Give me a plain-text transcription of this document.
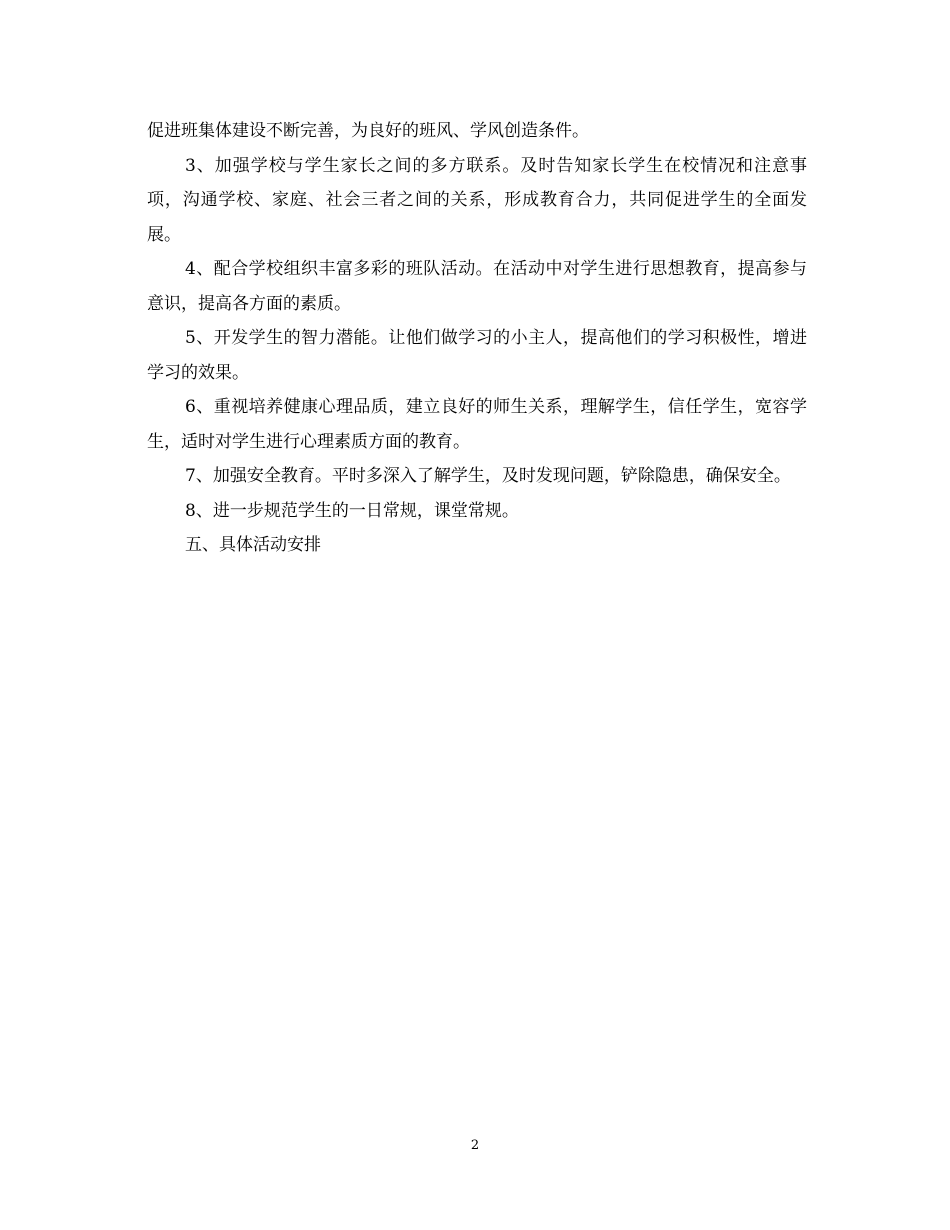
促进班集体建设不断完善，为良好的班风、学风创造条件。

3、加强学校与学生家长之间的多方联系。及时告知家长学生在校情况和注意事项，沟通学校、家庭、社会三者之间的关系，形成教育合力，共同促进学生的全面发展。

4、配合学校组织丰富多彩的班队活动。在活动中对学生进行思想教育，提高参与意识，提高各方面的素质。

5、开发学生的智力潜能。让他们做学习的小主人，提高他们的学习积极性，增进学习的效果。

6、重视培养健康心理品质，建立良好的师生关系，理解学生，信任学生，宽容学生，适时对学生进行心理素质方面的教育。

7、加强安全教育。平时多深入了解学生，及时发现问题，铲除隐患，确保安全。

8、进一步规范学生的一日常规，课堂常规。

五、具体活动安排

2
